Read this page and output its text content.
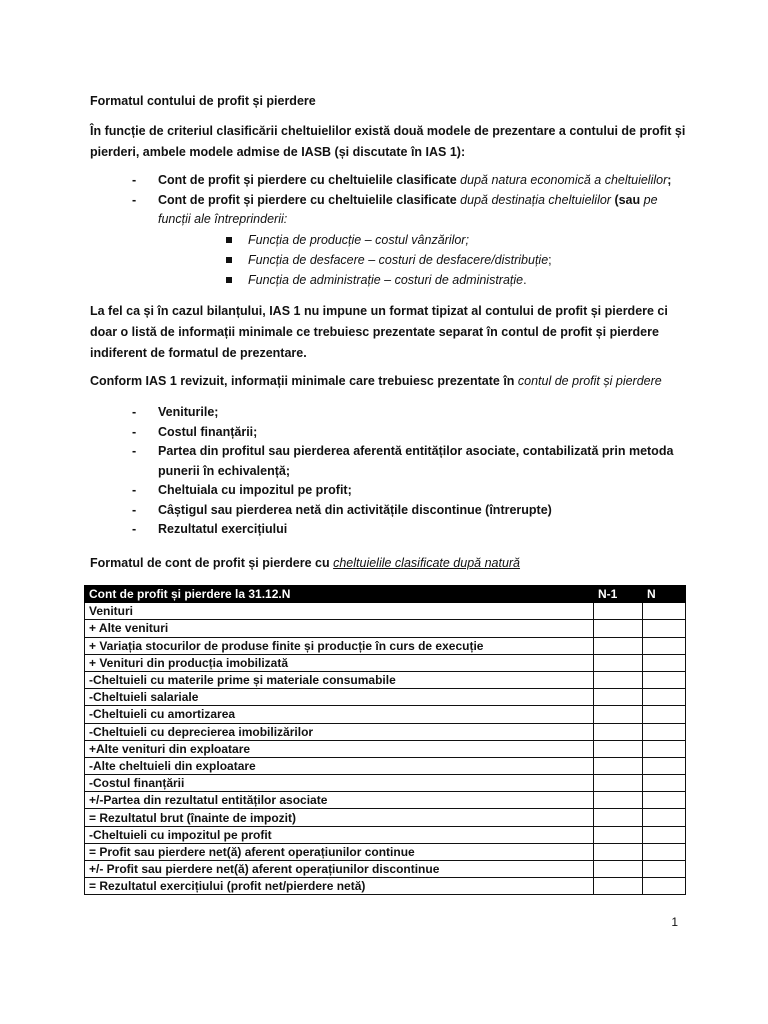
Formatul contului de profit și pierdere
În funcție de criteriul clasificării cheltuielilor există două modele de prezentare a contului de profit și pierderi, ambele modele admise de IASB (și discutate în IAS 1):
- Cont de profit și pierdere cu cheltuielile clasificate după natura economică a cheltuielilor;
- Cont de profit și pierdere cu cheltuielile clasificate după destinația cheltuielilor (sau pe funcții ale întreprinderii:
Funcția de producție – costul vânzărilor;
Funcția de desfacere – costuri de desfacere/distribuție;
Funcția de administrație – costuri de administrație.
La fel ca și în cazul bilanțului, IAS 1 nu impune un format tipizat al contului de profit și pierdere ci doar o listă de informații minimale ce trebuiesc prezentate separat în contul de profit și pierdere indiferent de formatul de prezentare.
Conform IAS 1 revizuit, informații minimale care trebuiesc prezentate în contul de profit și pierdere
- Veniturile;
- Costul finanțării;
- Partea din profitul sau pierderea aferentă entităților asociate, contabilizată prin metoda punerii în echivalență;
- Cheltuiala cu impozitul pe profit;
- Câștigul sau pierderea netă din activitățile discontinue (întrerupte)
- Rezultatul exercițiului
Formatul de cont de profit și pierdere cu cheltuielile clasificate după natură
Cont de profit și pierdere la 31.12.N	N-1	N
Venituri		
+ Alte venituri		
+ Variația stocurilor de produse finite și producție în curs de execuție		
+ Venituri din producția imobilizată		
-Cheltuieli cu materile prime și materiale consumabile		
-Cheltuieli salariale		
-Cheltuieli cu amortizarea		
-Cheltuieli cu deprecierea imobilizărilor		
+Alte venituri din exploatare		
-Alte cheltuieli din exploatare		
-Costul finanțării		
+/-Partea din rezultatul entităților asociate		
= Rezultatul brut (înainte de impozit)		
-Cheltuieli cu impozitul pe profit		
= Profit sau pierdere net(ă) aferent operațiunilor continue		
+/- Profit sau pierdere net(ă) aferent operațiunilor discontinue		
= Rezultatul exercițiului (profit net/pierdere netă)		
1
